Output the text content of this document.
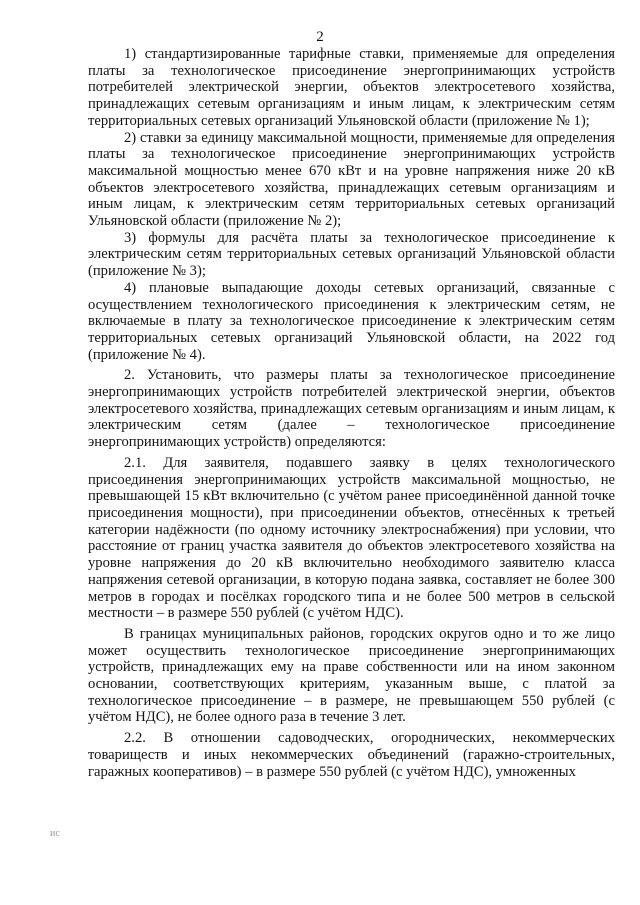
2

1) стандартизированные тарифные ставки, применяемые для определения платы за технологическое присоединение энергопринимающих устройств потребителей электрической энергии, объектов электросетевого хозяйства, принадлежащих сетевым организациям и иным лицам, к электрическим сетям территориальных сетевых организаций Ульяновской области (приложение № 1);

2) ставки за единицу максимальной мощности, применяемые для определения платы за технологическое присоединение энергопринимающих устройств максимальной мощностью менее 670 кВт и на уровне напряжения ниже 20 кВ объектов электросетевого хозяйства, принадлежащих сетевым организациям и иным лицам, к электрическим сетям территориальных сетевых организаций Ульяновской области (приложение № 2);

3) формулы для расчёта платы за технологическое присоединение к электрическим сетям территориальных сетевых организаций Ульяновской области (приложение № 3);

4) плановые выпадающие доходы сетевых организаций, связанные с осуществлением технологического присоединения к электрическим сетям, не включаемые в плату за технологическое присоединение к электрическим сетям территориальных сетевых организаций Ульяновской области, на 2022 год (приложение № 4).

2. Установить, что размеры платы за технологическое присоединение энергопринимающих устройств потребителей электрической энергии, объектов электросетевого хозяйства, принадлежащих сетевым организациям и иным лицам, к электрическим сетям (далее – технологическое присоединение энергопринимающих устройств) определяются:

2.1. Для заявителя, подавшего заявку в целях технологического присоединения энергопринимающих устройств максимальной мощностью, не превышающей 15 кВт включительно (с учётом ранее присоединённой данной точке присоединения мощности), при присоединении объектов, отнесённых к третьей категории надёжности (по одному источнику электроснабжения) при условии, что расстояние от границ участка заявителя до объектов электросетевого хозяйства на уровне напряжения до 20 кВ включительно необходимого заявителю класса напряжения сетевой организации, в которую подана заявка, составляет не более 300 метров в городах и посёлках городского типа и не более 500 метров в сельской местности – в размере 550 рублей (с учётом НДС).

В границах муниципальных районов, городских округов одно и то же лицо может осуществить технологическое присоединение энергопринимающих устройств, принадлежащих ему на праве собственности или на ином законном основании, соответствующих критериям, указанным выше, с платой за технологическое присоединение – в размере, не превышающем 550 рублей (с учётом НДС), не более одного раза в течение 3 лет.

2.2. В отношении садоводческих, огороднических, некоммерческих товариществ и иных некоммерческих объединений (гаражно-строительных, гаражных кооперативов) – в размере 550 рублей (с учётом НДС), умноженных

ис
